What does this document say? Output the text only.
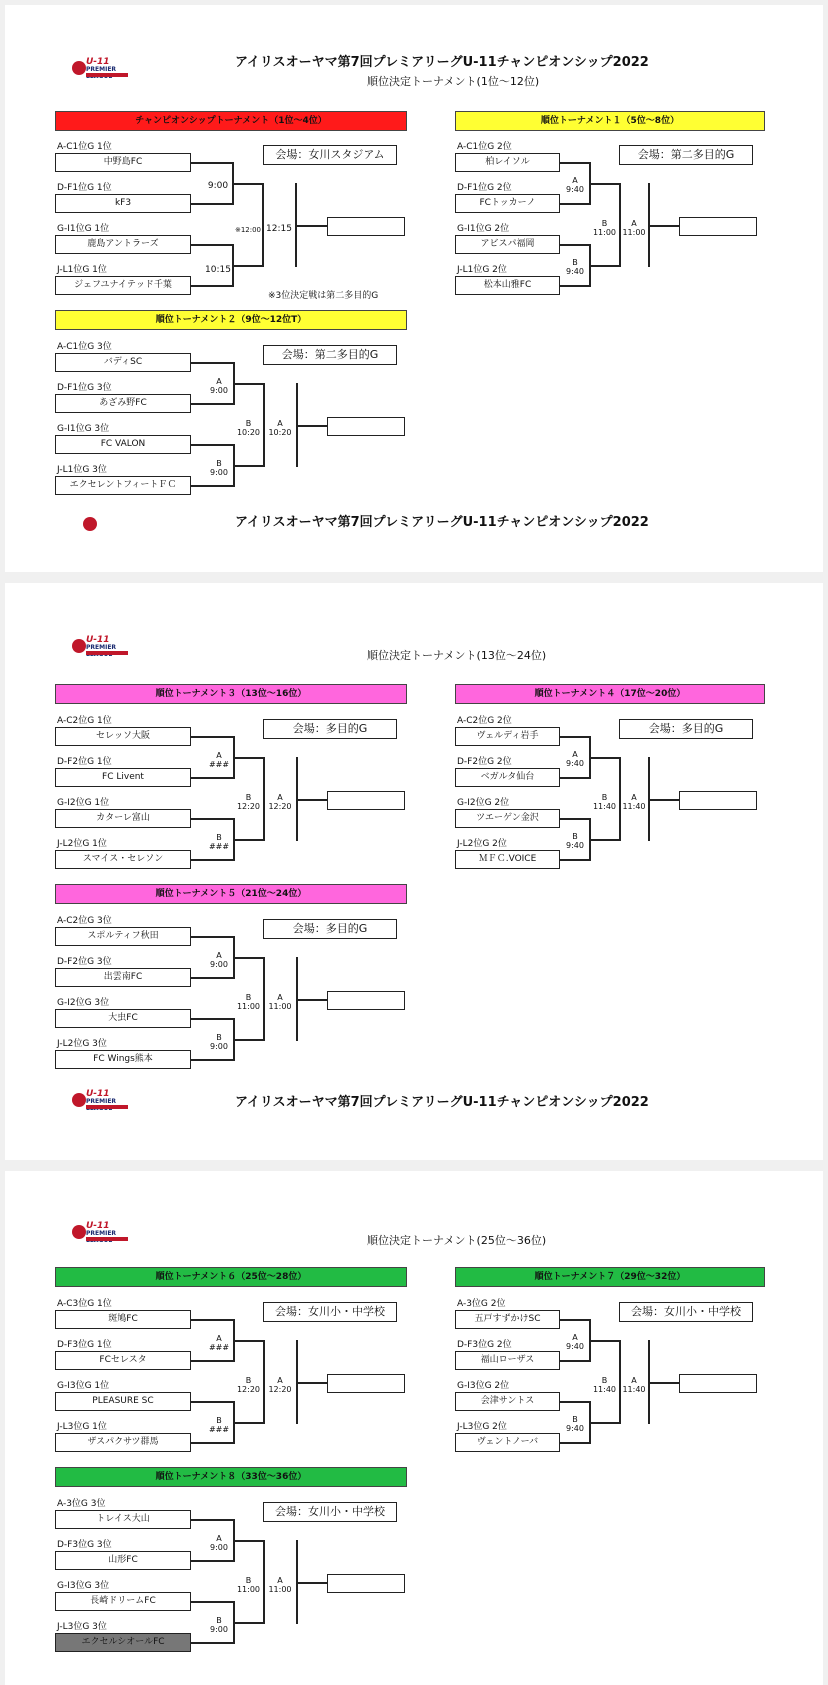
U-11
PREMIER	アイリスオーヤマ第7回プレミアリーグU-11チャンピオンシップ2022
順位決定トーナメント(1位〜12位)
チャンピオンシップトーナメント（1位〜4位）
会場：女川スタジアム
A-C1位G 1位
中野島FC
D-F1位G 1位
kF3
G-I1位G 1位
鹿島アントラーズ
J-L1位G 1位
ジェフユナイテッド千葉
9:00
10:15
※12:00 12:15
※3位決定戦は第二多目的G
順位トーナメント１（5位〜8位）
会場：第二多目的G
A-C1位G 2位
柏レイソル
D-F1位G 2位
FCトッカーノ
G-I1位G 2位
アビスパ福岡
J-L1位G 2位
松本山雅FC
A
9:40
B
9:40
B
11:00
A
11:00
順位トーナメント２（9位〜12位T）
会場：第二多目的G
A-C1位G 3位
バディSC
D-F1位G 3位
あざみ野FC
G-I1位G 3位
FC VALON
J-L1位G 3位
エクセレントフィートＦＣ
A
9:00
B
9:00
B
10:20
A
10:20
アイリスオーヤマ第7回プレミアリーグU-11チャンピオンシップ2022
U-11
PREMIER
順位決定トーナメント(13位〜24位)
順位トーナメント３（13位〜16位）
会場：多目的G
A-C2位G 1位
セレッソ大阪
D-F2位G 1位
FC Livent
G-I2位G 1位
カターレ富山
J-L2位G 1位
スマイス・セレソン
A
###
B
###
B
12:20
A
12:20
順位トーナメント４（17位〜20位）
会場：多目的G
A-C2位G 2位
ヴェルディ岩手
D-F2位G 2位
ベガルタ仙台
G-I2位G 2位
ツエーゲン金沢
J-L2位G 2位
ＭＦＣ.VOICE
A
9:40
B
9:40
B
11:40
A
11:40
順位トーナメント５（21位〜24位）
会場：多目的G
A-C2位G 3位
スポルティフ秋田
D-F2位G 3位
出雲南FC
G-I2位G 3位
大虫FC
J-L2位G 3位
FC Wings熊本
A
9:00
B
9:00
B
11:00
A
11:00
U-11
PREMIER	アイリスオーヤマ第7回プレミアリーグU-11チャンピオンシップ2022
U-11
PREMIER
順位決定トーナメント(25位〜36位)
順位トーナメント６（25位〜28位）
会場：女川小・中学校
A-C3位G 1位
斑鳩FC
D-F3位G 1位
FCセレスタ
G-I3位G 1位
PLEASURE SC
J-L3位G 1位
ザスパクサツ群馬
A
###
B
###
B
12:20
A
12:20
順位トーナメント７（29位〜32位）
会場：女川小・中学校
A-3位G 2位
五戸すずかけSC
D-F3位G 2位
福山ローザス
G-I3位G 2位
会津サントス
J-L3位G 2位
ヴェントノーバ
A
9:40
B
9:40
B
11:40
A
11:40
順位トーナメント８（33位〜36位）
会場：女川小・中学校
A-3位G 3位
トレイス大山
D-F3位G 3位
山形FC
G-I3位G 3位
長崎ドリームFC
J-L3位G 3位
エクセルシオールFC
A
9:00
B
9:00
B
11:00
A
11:00
